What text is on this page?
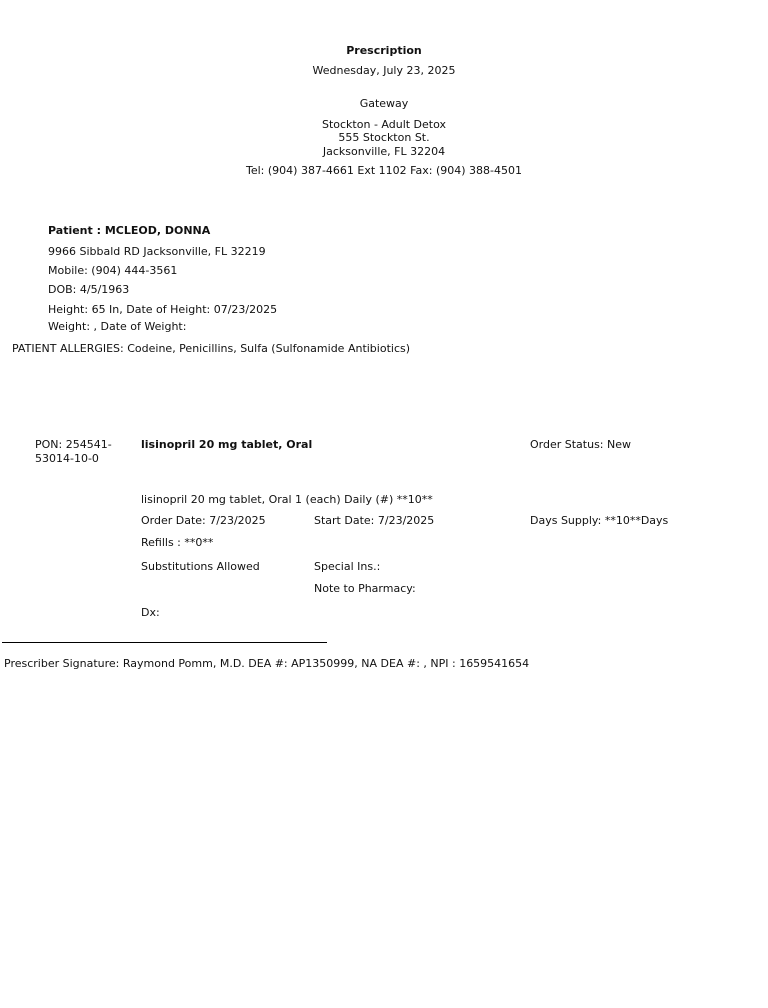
Prescription
Wednesday, July 23, 2025
Gateway
Stockton - Adult Detox
555 Stockton St.
Jacksonville, FL 32204
Tel: (904) 387-4661 Ext 1102 Fax: (904) 388-4501
Patient : MCLEOD, DONNA
9966 Sibbald RD Jacksonville, FL 32219
Mobile: (904) 444-3561
DOB: 4/5/1963
Height: 65 In, Date of Height: 07/23/2025
Weight: , Date of Weight:
PATIENT ALLERGIES: Codeine, Penicillins, Sulfa (Sulfonamide Antibiotics)
PON: 254541-
53014-10-0
lisinopril 20 mg tablet, Oral	Order Status: New
lisinopril 20 mg tablet, Oral 1 (each) Daily (#) **10**
Order Date: 7/23/2025	Start Date: 7/23/2025	Days Supply: **10**Days
Refills : **0**
Substitutions Allowed	Special Ins.:
Note to Pharmacy:
Dx:
Prescriber Signature: Raymond Pomm, M.D. DEA #: AP1350999, NA DEA #: , NPI : 1659541654
